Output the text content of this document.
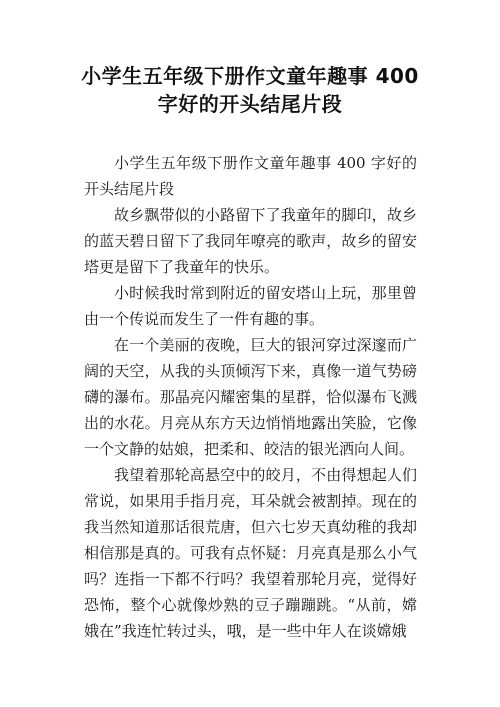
小学生五年级下册作文童年趣事 400
字好的开头结尾片段

小学生五年级下册作文童年趣事 400 字好的开头结尾片段

故乡飘带似的小路留下了我童年的脚印，故乡的蓝天碧日留下了我同年嘹亮的歌声，故乡的留安塔更是留下了我童年的快乐。

小时候我时常到附近的留安塔山上玩，那里曾由一个传说而发生了一件有趣的事。

在一个美丽的夜晚，巨大的银河穿过深邃而广阔的天空，从我的头顶倾泻下来，真像一道气势磅礴的瀑布。那晶亮闪耀密集的星群，恰似瀑布飞溅出的水花。月亮从东方天边悄悄地露出笑脸，它像一个文静的姑娘，把柔和、皎洁的银光洒向人间。

我望着那轮高悬空中的皎月，不由得想起人们常说，如果用手指月亮，耳朵就会被割掉。现在的我当然知道那话很荒唐，但六七岁天真幼稚的我却相信那是真的。可我有点怀疑：月亮真是那么小气吗？连指一下都不行吗？我望着那轮月亮，觉得好恐怖，整个心就像炒熟的豆子蹦蹦跳。“从前，嫦娥在”我连忙转过头，哦，是一些中年人在谈嫦娥
